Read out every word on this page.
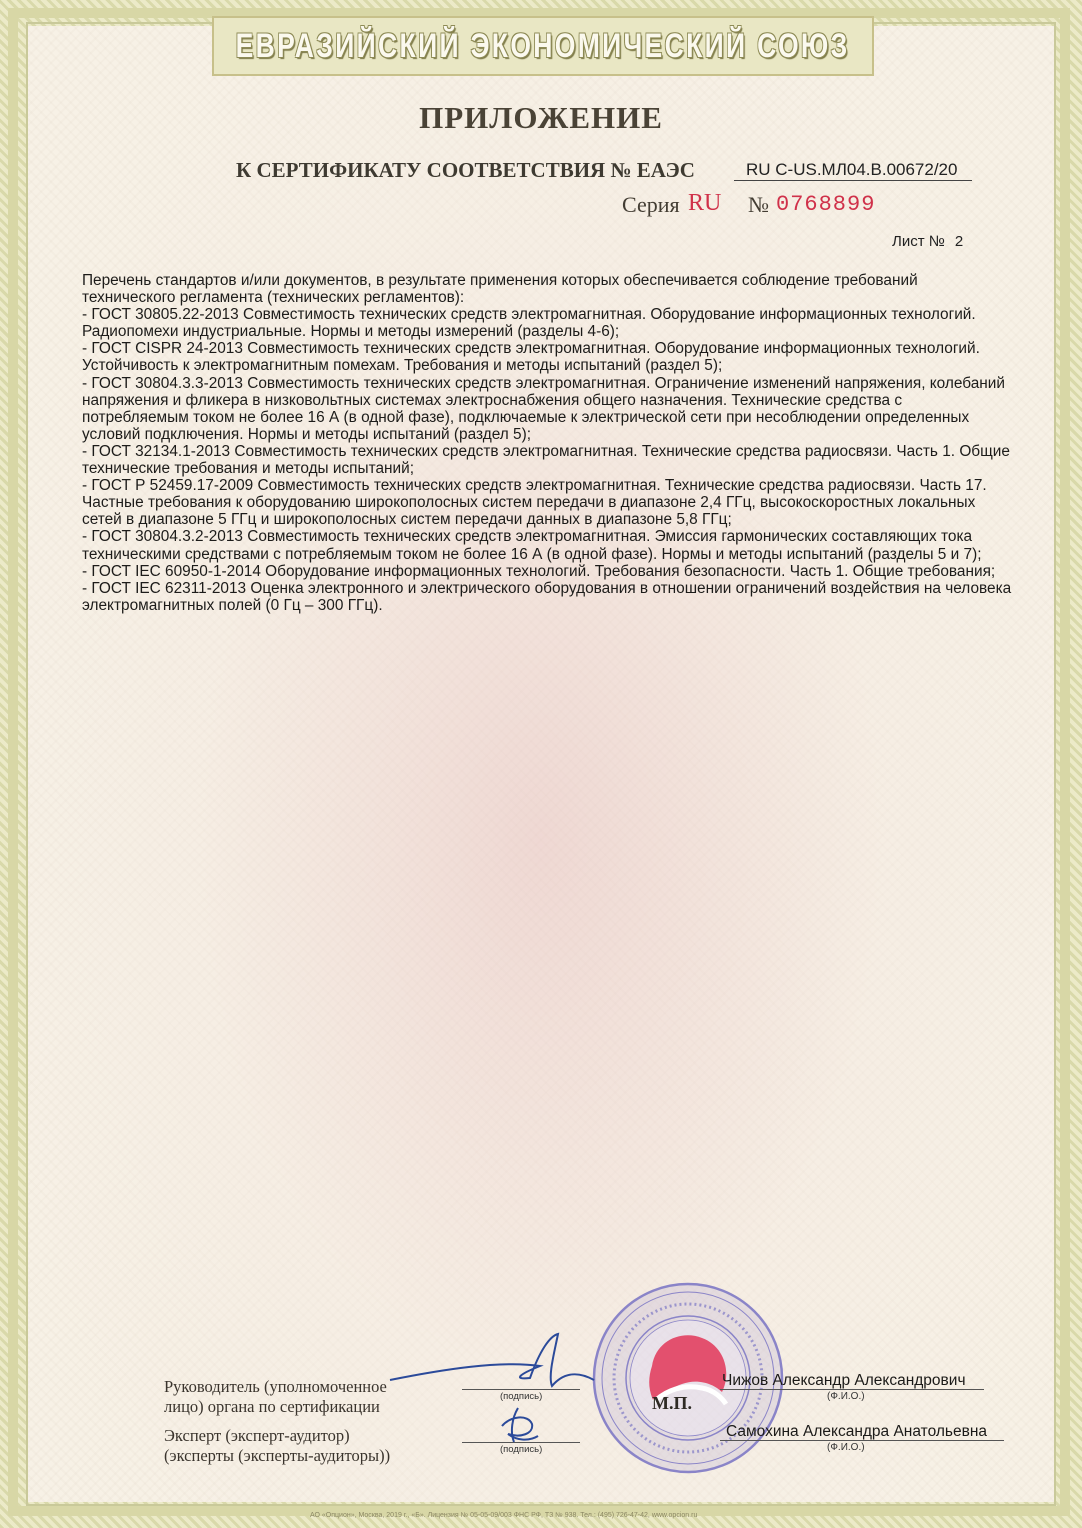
ЕВРАЗИЙСКИЙ ЭКОНОМИЧЕСКИЙ СОЮЗ
ПРИЛОЖЕНИЕ
К СЕРТИФИКАТУ СООТВЕТСТВИЯ № ЕАЭС	RU C-US.МЛ04.В.00672/20
Серия RU № 0768899
Лист № 2

Перечень стандартов и/или документов, в результате применения которых обеспечивается соблюдение требований технического регламента (технических регламентов):

- ГОСТ 30805.22-2013 Совместимость технических средств электромагнитная. Оборудование информационных технологий. Радиопомехи индустриальные. Нормы и методы измерений (разделы 4-6);

- ГОСТ CISPR 24-2013 Совместимость технических средств электромагнитная. Оборудование информационных технологий. Устойчивость к электромагнитным помехам. Требования и методы испытаний (раздел 5);

- ГОСТ 30804.3.3-2013 Совместимость технических средств электромагнитная. Ограничение изменений напряжения, колебаний напряжения и фликера в низковольтных системах электроснабжения общего назначения. Технические средства с потребляемым током не более 16 А (в одной фазе), подключаемые к электрической сети при несоблюдении определенных условий подключения. Нормы и методы испытаний (раздел 5);

- ГОСТ 32134.1-2013 Совместимость технических средств электромагнитная. Технические средства радиосвязи. Часть 1. Общие технические требования и методы испытаний;

- ГОСТ Р 52459.17-2009 Совместимость технических средств электромагнитная. Технические средства радиосвязи. Часть 17. Частные требования к оборудованию широкополосных систем передачи в диапазоне 2,4 ГГц, высокоскоростных локальных сетей в диапазоне 5 ГГц и широкополосных систем передачи данных в диапазоне 5,8 ГГц;

- ГОСТ 30804.3.2-2013 Совместимость технических средств электромагнитная. Эмиссия гармонических составляющих тока техническими средствами с потребляемым током не более 16 А (в одной фазе). Нормы и методы испытаний (разделы 5 и 7);

- ГОСТ IEC 60950-1-2014 Оборудование информационных технологий. Требования безопасности. Часть 1. Общие требования;

- ГОСТ IEC 62311-2013 Оценка электронного и электрического оборудования в отношении ограничений воздействия на человека электромагнитных полей (0 Гц – 300 ГГц).

Руководитель (уполномоченное
лицо) органа по сертификации
(подпись)	М.П.
Чижов Александр Александрович
(Ф.И.О.)
Эксперт (эксперт-аудитор)
(эксперты (эксперты-аудиторы))	(подпись)
Самохина Александра Анатольевна
(Ф.И.О.)
АО «Опцион», Москва, 2019 г., «Б». Лицензия № 05-05-09/003 ФНС РФ, ТЗ № 938. Тел.: (495) 726-47-42, www.opcion.ru
